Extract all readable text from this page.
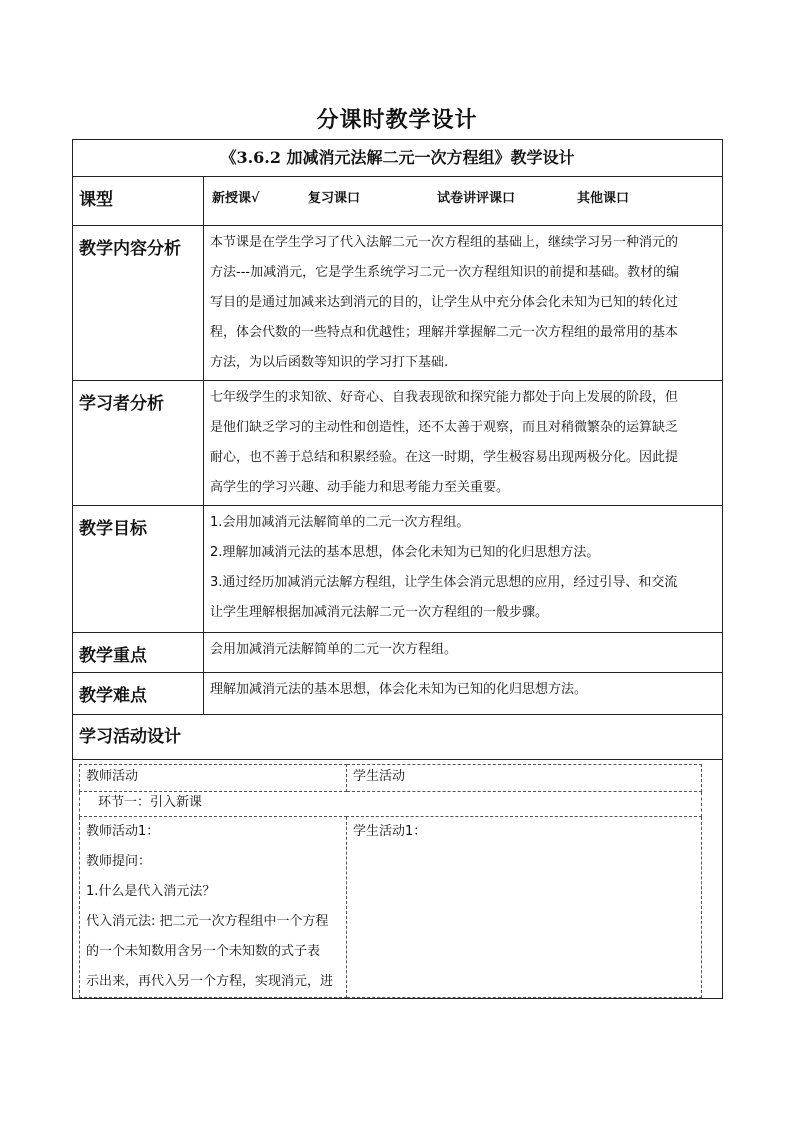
分课时教学设计
《3.6.2 加减消元法解二元一次方程组》教学设计
课型	新授课√	复习课口	试卷讲评课口	其他课口

教学内容分析	本节课是在学生学习了代入法解二元一次方程组的基础上，继续学习另一种消元的
方法---加减消元，它是学生系统学习二元一次方程组知识的前提和基础。教材的编
写目的是通过加减来达到消元的目的，让学生从中充分体会化未知为已知的转化过
程，体会代数的一些特点和优越性；理解并掌握解二元一次方程组的最常用的基本
方法，为以后函数等知识的学习打下基础.

学习者分析	七年级学生的求知欲、好奇心、自我表现欲和探究能力都处于向上发展的阶段，但
是他们缺乏学习的主动性和创造性，还不太善于观察，而且对稍微繁杂的运算缺乏
耐心，也不善于总结和积累经验。在这一时期，学生极容易出现两极分化。因此提
高学生的学习兴趣、动手能力和思考能力至关重要。

教学目标	1.会用加减消元法解简单的二元一次方程组。
2.理解加减消元法的基本思想，体会化未知为已知的化归思想方法。
3.通过经历加减消元法解方程组，让学生体会消元思想的应用，经过引导、和交流
让学生理解根据加减消元法解二元一次方程组的一般步骤。

教学重点	会用加减消元法解简单的二元一次方程组。

教学难点	理解加减消元法的基本思想，体会化未知为已知的化归思想方法。

学习活动设计

教师活动	学生活动
环节一：引入新课

教师活动1：
教师提问：
1.什么是代入消元法？
代入消元法: 把二元一次方程组中一个方程
的一个未知数用含另一个未知数的式子表
示出来，再代入另一个方程，实现消元，进

学生活动1：
